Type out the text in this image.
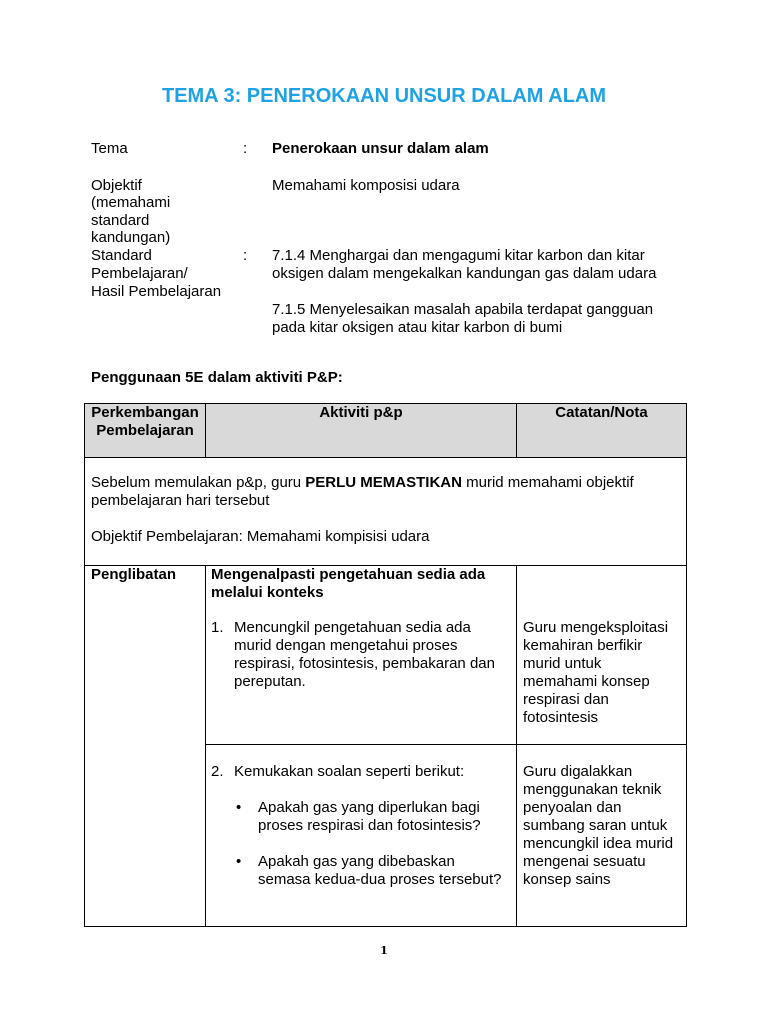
TEMA 3: PENEROKAAN UNSUR DALAM ALAM
Tema	: Penerokaan unsur dalam alam
Objektif
(memahami
standard
kandungan)
Memahami komposisi udara
Standard
Pembelajaran/
Hasil Pembelajaran
: 7.1.4 Menghargai dan mengagumi kitar karbon dan kitar
oksigen dalam mengekalkan kandungan gas dalam udara
7.1.5 Menyelesaikan masalah apabila terdapat gangguan
pada kitar oksigen atau kitar karbon di bumi
Penggunaan 5E dalam aktiviti P&P:
Perkembangan
Pembelajaran
Aktiviti p&p	Catatan/Nota
Sebelum memulakan p&p, guru PERLU MEMASTIKAN murid memahami objektif
pembelajaran hari tersebut
Objektif Pembelajaran: Memahami kompisisi udara
Penglibatan Mengenalpasti pengetahuan sedia ada
melalui konteks
1. Mencungkil pengetahuan sedia ada
murid dengan mengetahui proses
respirasi, fotosintesis, pembakaran dan
pereputan.
Guru mengeksploitasi
kemahiran berfikir
murid untuk
memahami konsep
respirasi dan
fotosintesis
2. Kemukakan soalan seperti berikut:
• Apakah gas yang diperlukan bagi
proses respirasi dan fotosintesis?
• Apakah gas yang dibebaskan
semasa kedua-dua proses tersebut?
Guru digalakkan
menggunakan teknik
penyoalan dan
sumbang saran untuk
mencungkil idea murid
mengenai sesuatu
konsep sains
1
